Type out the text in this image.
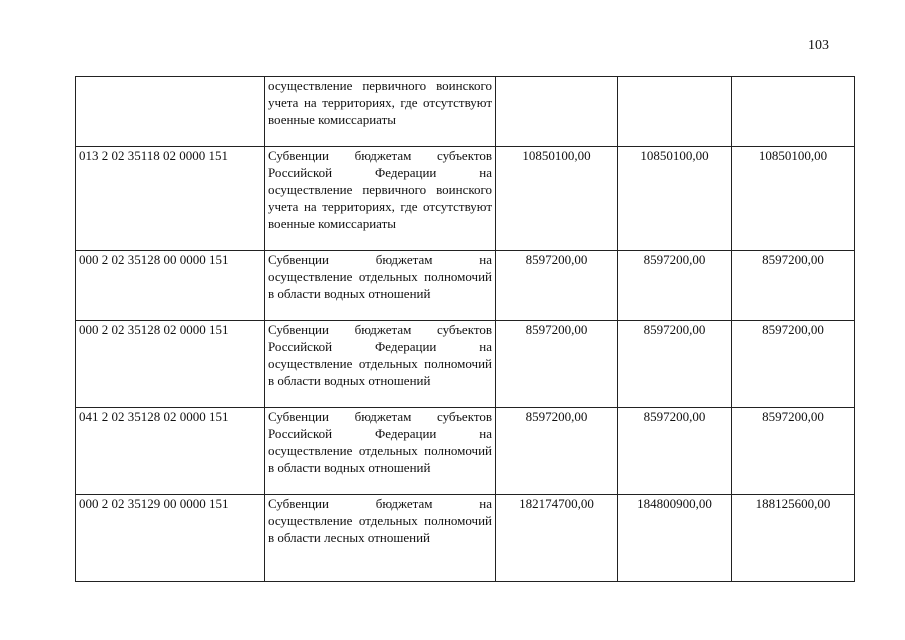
103
	осуществление первичного воинского учета на территориях, где отсутствуют военные комиссариаты			
013 2 02 35118 02 0000 151	Субвенции бюджетам субъектов Российской Федерации на осуществление первичного воинского учета на территориях, где отсутствуют военные комиссариаты	10850100,00	10850100,00	10850100,00
000 2 02 35128 00 0000 151	Субвенции бюджетам на осуществление отдельных полномочий в области водных отношений	8597200,00	8597200,00	8597200,00
000 2 02 35128 02 0000 151	Субвенции бюджетам субъектов Российской Федерации на осуществление отдельных полномочий в области водных отношений	8597200,00	8597200,00	8597200,00
041 2 02 35128 02 0000 151	Субвенции бюджетам субъектов Российской Федерации на осуществление отдельных полномочий в области водных отношений	8597200,00	8597200,00	8597200,00
000 2 02 35129 00 0000 151	Субвенции бюджетам на осуществление отдельных полномочий в области лесных отношений	182174700,00	184800900,00	188125600,00
